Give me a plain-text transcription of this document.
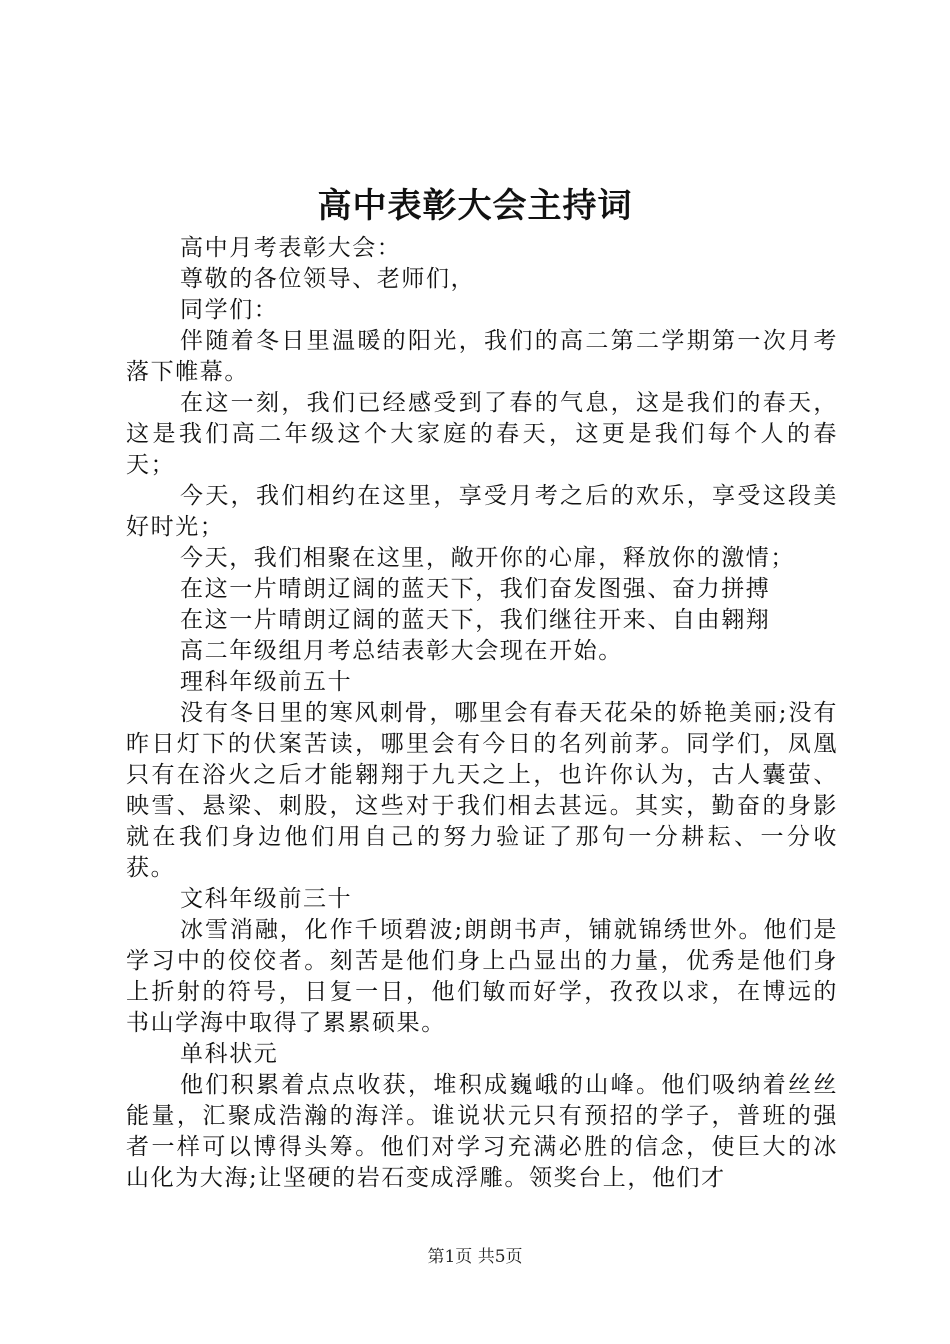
高中表彰大会主持词

高中月考表彰大会：

尊敬的各位领导、老师们，

同学们：

伴随着冬日里温暖的阳光，我们的高二第二学期第一次月考落下帷幕。

在这一刻，我们已经感受到了春的气息，这是我们的春天，这是我们高二年级这个大家庭的春天，这更是我们每个人的春天；

今天，我们相约在这里，享受月考之后的欢乐，享受这段美好时光；

今天，我们相聚在这里，敞开你的心扉，释放你的激情；

在这一片晴朗辽阔的蓝天下，我们奋发图强、奋力拼搏

在这一片晴朗辽阔的蓝天下，我们继往开来、自由翱翔

高二年级组月考总结表彰大会现在开始。

理科年级前五十

没有冬日里的寒风刺骨，哪里会有春天花朵的娇艳美丽;没有昨日灯下的伏案苦读，哪里会有今日的名列前茅。同学们，凤凰只有在浴火之后才能翱翔于九天之上，也许你认为，古人囊萤、映雪、悬梁、刺股，这些对于我们相去甚远。其实，勤奋的身影就在我们身边他们用自己的努力验证了那句一分耕耘、一分收获。

文科年级前三十

冰雪消融，化作千顷碧波;朗朗书声，铺就锦绣世外。他们是学习中的佼佼者。刻苦是他们身上凸显出的力量，优秀是他们身上折射的符号，日复一日，他们敏而好学，孜孜以求，在博远的书山学海中取得了累累硕果。

单科状元

他们积累着点点收获，堆积成巍峨的山峰。他们吸纳着丝丝能量，汇聚成浩瀚的海洋。谁说状元只有预招的学子，普班的强者一样可以博得头筹。他们对学习充满必胜的信念，使巨大的冰山化为大海;让坚硬的岩石变成浮雕。领奖台上，他们才

第1页 共5页
